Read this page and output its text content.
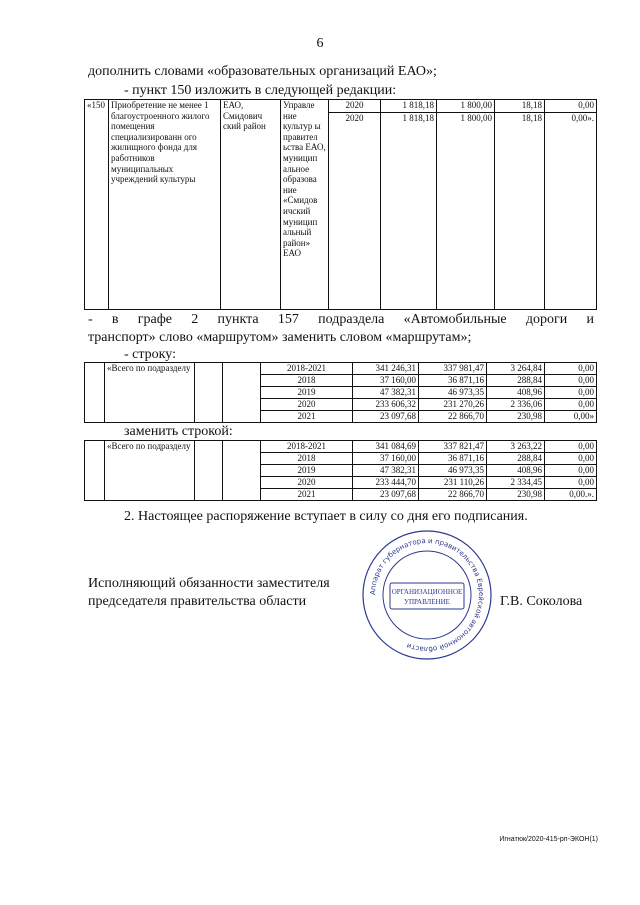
6
дополнить словами «образовательных организаций ЕАО»;
- пункт 150 изложить в следующей редакции:
«150	Приобретение не менее 1 благоустроенного жилого помещения специализированн ого жилищного фонда для работников муниципальных учреждений культуры	ЕАО, Смидович ский район	Управле ние культур ы правител ьства ЕАО, муницип альное образова ние «Смидов ичский муницип альный район» ЕАО	2020	1 818,18	1 800,00	18,18	0,00
				2020	1 818,18	1 800,00	18,18	0,00».
- в графе 2 пункта 157 подраздела «Автомобильные дороги и
транспорт» слово «маршрутом» заменить словом «маршрутам»;
- строку:
	«Всего по подразделу			2018-2021	341 246,31	337 981,47	3 264,84	0,00
				2018	37 160,00	36 871,16	288,84	0,00
				2019	47 382,31	46 973,35	408,96	0,00
				2020	233 606,32	231 270,26	2 336,06	0,00
				2021	23 097,68	22 866,70	230,98	0,00»
заменить строкой:
	«Всего по подразделу			2018-2021	341 084,69	337 821,47	3 263,22	0,00
				2018	37 160,00	36 871,16	288,84	0,00
				2019	47 382,31	46 973,35	408,96	0,00
				2020	233 444,70	231 110,26	2 334,45	0,00
				2021	23 097,68	22 866,70	230,98	0,00.».
2. Настоящее распоряжение вступает в силу со дня его подписания.
Аппарат губернатора и правительства Еврейской автономной области
ОРГАНИЗАЦИОННОЕ
УПРАВЛЕНИЕ
Исполняющий обязанности заместителя
председателя правительства области	Г.В. Соколова
Игнатюк/2020-415-рп-ЭКОН(1)
